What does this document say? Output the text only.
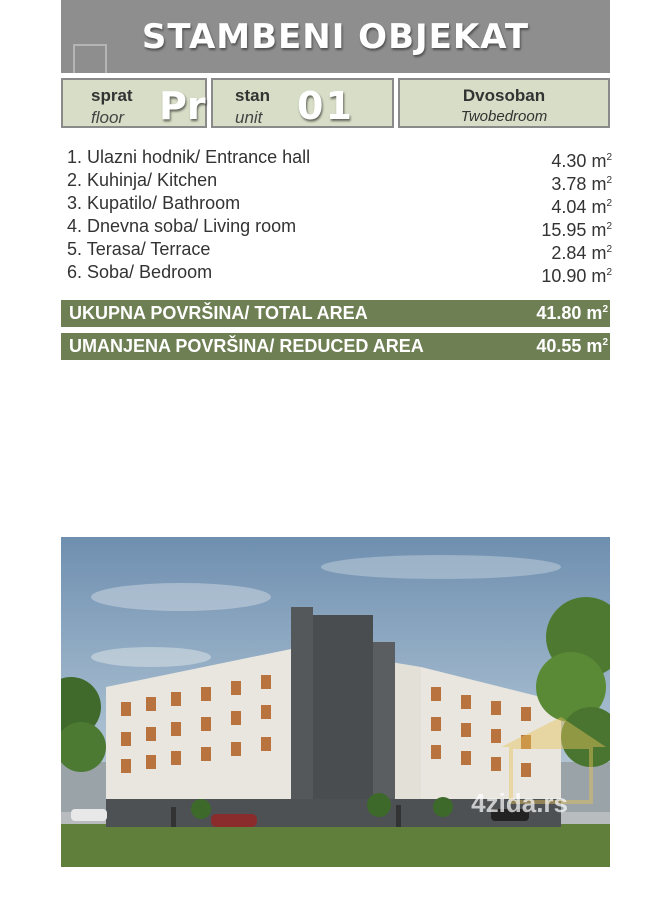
STAMBENI OBJEKAT
sprat
floor Pr stan
unit 01	Dvosoban
Twobedroom
1. Ulazni hodnik/ Entrance hall	4.30 $m^2$
2. Kuhinja/ Kitchen	3.78 $m^2$
3. Kupatilo/ Bathroom	4.04 $m^2$
4. Dnevna soba/ Living room	15.95 $m^2$
5. Terasa/ Terrace	2.84 $m^2$
6. Soba/ Bedroom	10.90 $m^2$
UKUPNA POVRŠINA/ TOTAL AREA	41.80 $m^2$
UMANJENA POVRŠINA/ REDUCED AREA	40.55 $m^2$
4zida.rs
